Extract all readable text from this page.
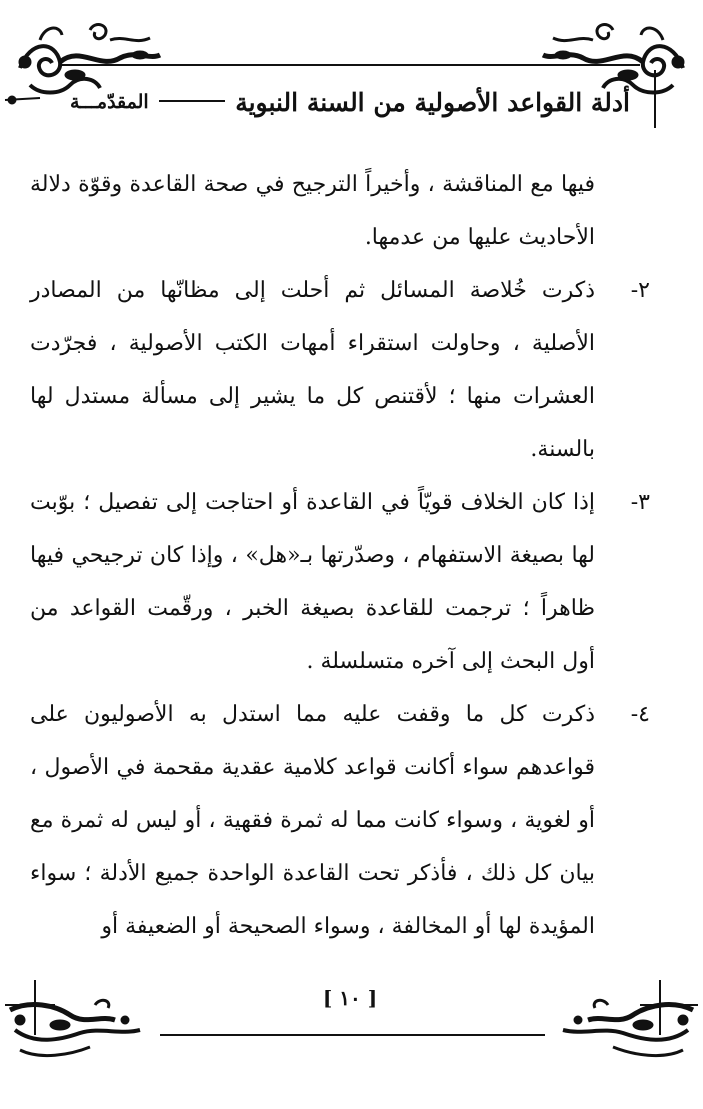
أدلة القواعد الأصولية من السنة النبوية
المقدّمـــة

فيها مع المناقشة ، وأخيراً الترجيح في صحة القاعدة وقوّة دلالة الأحاديث عليها من عدمها.

٢-

ذكرت خُلاصة المسائل ثم أحلت إلى مظانّها من المصادر الأصلية ، وحاولت استقراء أمهات الكتب الأصولية ، فجرّدت العشرات منها ؛ لأقتنص كل ما يشير إلى مسألة مستدل لها بالسنة.

٣-

إذا كان الخلاف قويّاً في القاعدة أو احتاجت إلى تفصيل ؛ بوّبت لها بصيغة الاستفهام ، وصدّرتها بـ«هل» ، وإذا كان ترجيحي فيها ظاهراً ؛ ترجمت للقاعدة بصيغة الخبر ، ورقّمت القواعد من أول البحث إلى آخره متسلسلة .

٤-

ذكرت كل ما وقفت عليه مما استدل به الأصوليون على قواعدهم سواء أكانت قواعد كلامية عقدية مقحمة في الأصول ، أو لغوية ، وسواء كانت مما له ثمرة فقهية ، أو ليس له ثمرة مع بيان كل ذلك ، فأذكر تحت القاعدة الواحدة جميع الأدلة ؛ سواء المؤيدة لها أو المخالفة ، وسواء الصحيحة أو الضعيفة أو

[ ١٠ ]
